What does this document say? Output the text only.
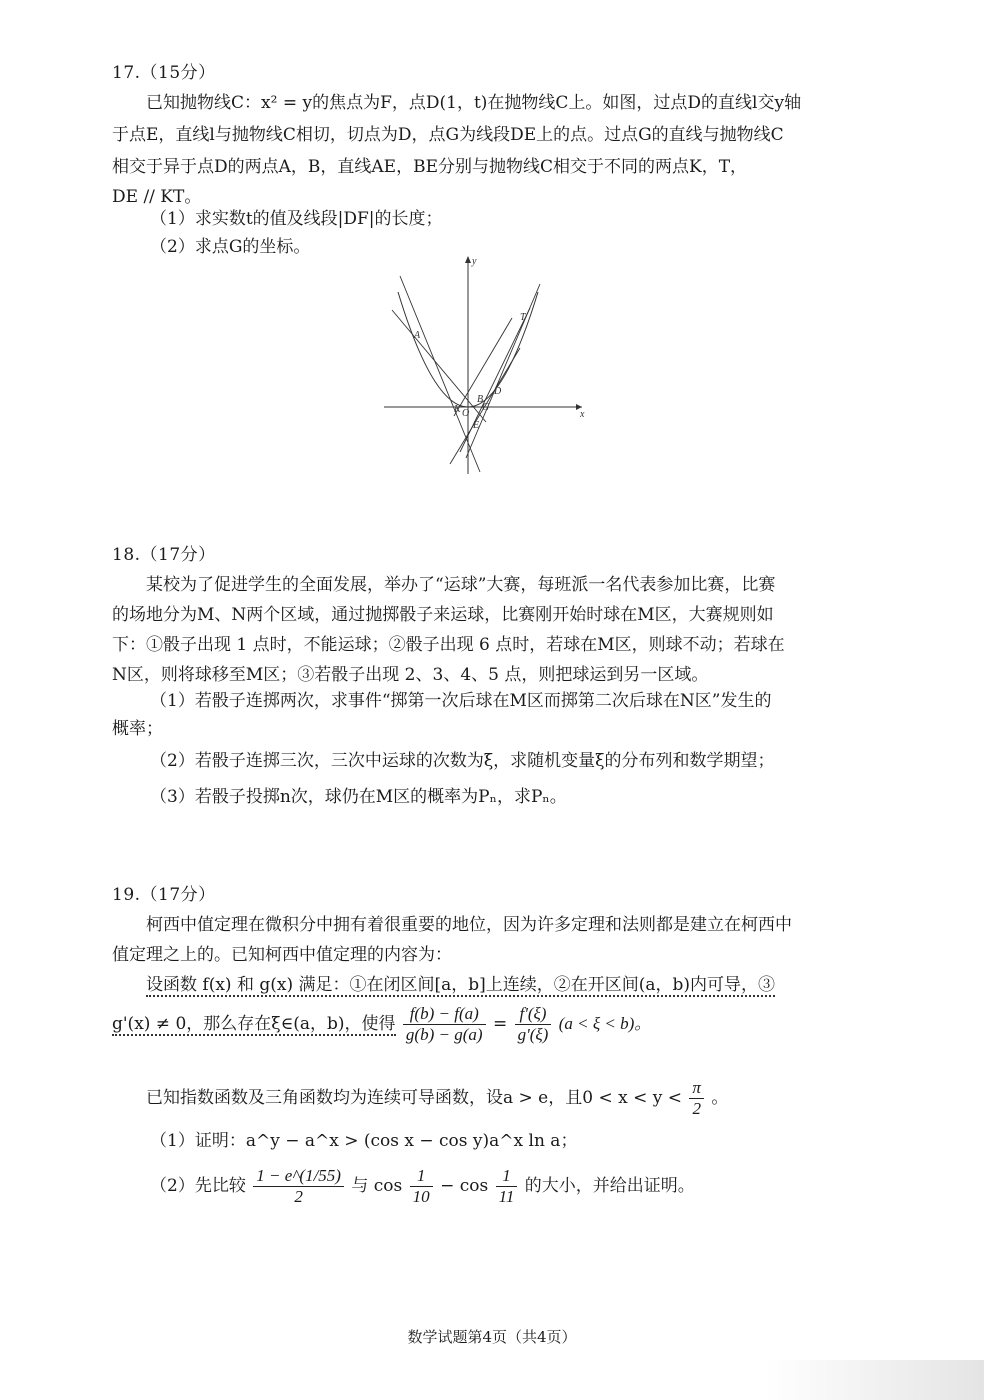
17.（15分）
已知抛物线C：x² = y的焦点为F，点D(1，t)在抛物线C上。如图，过点D的直线l交y轴
于点E，直线l与抛物线C相切，切点为D，点G为线段DE上的点。过点G的直线与抛物线C
相交于异于点D的两点A，B，直线AE，BE分别与抛物线C相交于不同的两点K，T，
DE // KT。
（1）求实数t的值及线段|DF|的长度；
（2）求点G的坐标。
y
x
A
T
D
B
K O
G
E
18.（17分）
某校为了促进学生的全面发展，举办了“运球”大赛，每班派一名代表参加比赛，比赛
的场地分为M、N两个区域，通过抛掷骰子来运球，比赛刚开始时球在M区，大赛规则如
下：①骰子出现 1 点时，不能运球；②骰子出现 6 点时，若球在M区，则球不动；若球在
N区，则将球移至M区；③若骰子出现 2、3、4、5 点，则把球运到另一区域。
（1）若骰子连掷两次，求事件“掷第一次后球在M区而掷第二次后球在N区”发生的
概率；
（2）若骰子连掷三次，三次中运球的次数为ξ，求随机变量ξ的分布列和数学期望；
（3）若骰子投掷n次，球仍在M区的概率为Pₙ，求Pₙ。
19.（17分）
柯西中值定理在微积分中拥有着很重要的地位，因为许多定理和法则都是建立在柯西中
值定理之上的。已知柯西中值定理的内容为：
设函数 f(x) 和 g(x) 满足：①在闭区间[a，b]上连续，②在开区间(a，b)内可导，③
g'(x) ≠ 0，那么存在ξ∈(a，b)，使得 $\frac{f(b) - f(a)}{g(b) - g(a)} = \frac{f'(\xi)}{g'(\xi)} (a < \xi < b)$。
已知指数函数及三角函数均为连续可导函数，设a > e，且$0 < x < y < \frac{\pi}{2}$ 。
（1）证明：a^y − a^x > (cos x − cos y)a^x ln a；
（2）先比较 $\frac{1 - e\^{}(1/55)}{2}$ 与 $\cos \frac{1}{10} - \cos \frac{1}{11}$ 的大小，并给出证明。
数学试题第4页（共4页）
